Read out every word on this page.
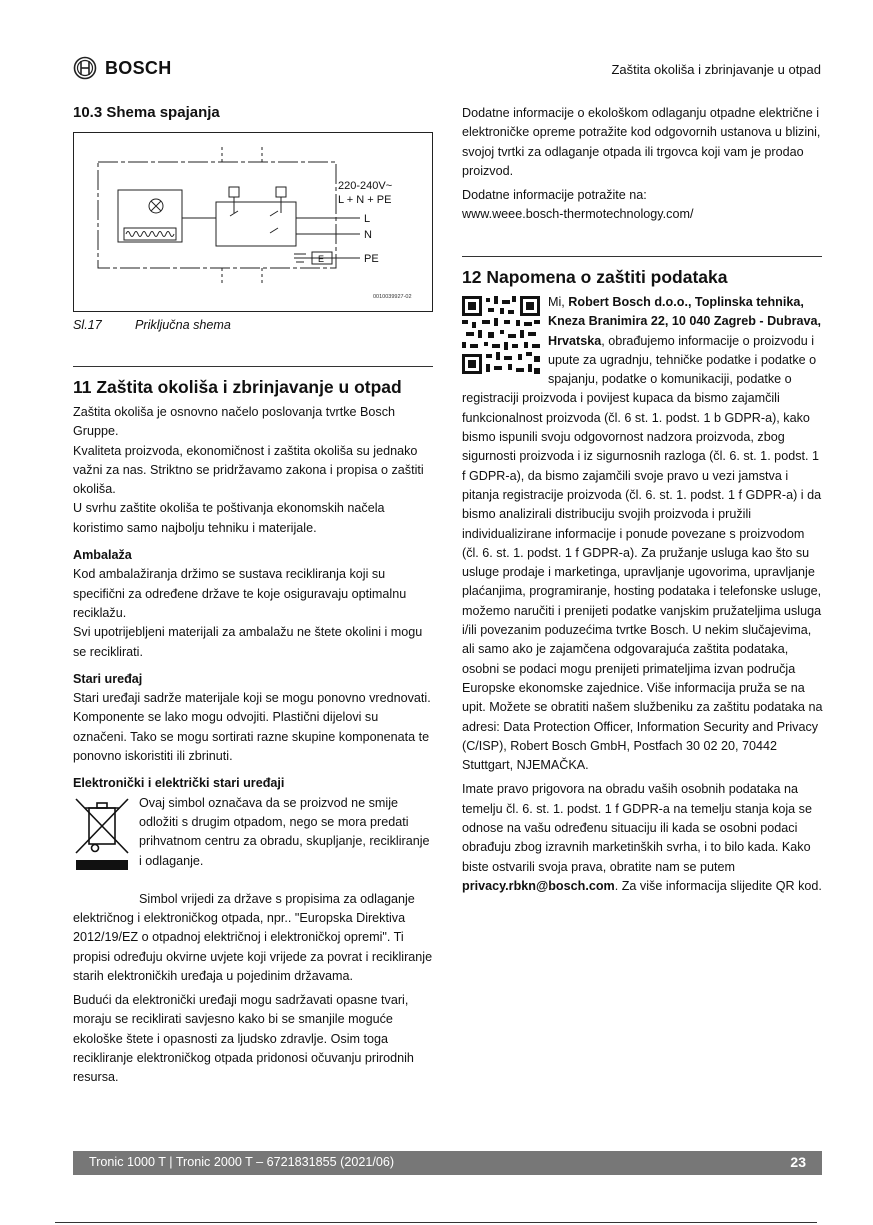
BOSCH	Zaštita okoliša i zbrinjavanje u otpad
10.3 Shema spajanja
220-240V~
L + N + PE
L
N
PE
E
0010039927-02
Sl.17	Priključna shema
11 Zaštita okoliša i zbrinjavanje u otpad

Zaštita okoliša je osnovno načelo poslovanja tvrtke Bosch Gruppe.

Kvaliteta proizvoda, ekonomičnost i zaštita okoliša su jednako važni za nas. Striktno se pridržavamo zakona i propisa o zaštiti okoliša.

U svrhu zaštite okoliša te poštivanja ekonomskih načela koristimo samo najbolju tehniku i materijale.

Ambalaža

Kod ambalažiranja držimo se sustava recikliranja koji su specifični za određene države te koje osiguravaju optimalnu reciklažu.

Svi upotrijebljeni materijali za ambalažu ne štete okolini i mogu se reciklirati.

Stari uređaj

Stari uređaji sadrže materijale koji se mogu ponovno vrednovati.

Komponente se lako mogu odvojiti. Plastični dijelovi su označeni. Tako se mogu sortirati razne skupine komponenata te ponovno iskoristiti ili zbrinuti.

Elektronički i električki stari uređaji

Ovaj simbol označava da se proizvod ne smije odložiti s drugim otpadom, nego se mora predati prihvatnom centru za obradu, skupljanje, recikliranje i odlaganje.

Simbol vrijedi za države s propisima za odlaganje električnog i elektroničkog otpada, npr.. "Europska Direktiva 2012/19/EZ o otpadnoj električnoj i elektroničkoj opremi". Ti propisi određuju okvirne uvjete koji vrijede za povrat i recikliranje starih elektroničkih uređaja u pojedinim državama.

Budući da elektronički uređaji mogu sadržavati opasne tvari, moraju se reciklirati savjesno kako bi se smanjile moguće ekološke štete i opasnosti za ljudsko zdravlje. Osim toga recikliranje elektroničkog otpada pridonosi očuvanju prirodnih resursa.

Dodatne informacije o ekološkom odlaganju otpadne električne i elektroničke opreme potražite kod odgovornih ustanova u blizini, svojoj tvrtki za odlaganje otpada ili trgovca koji vam je prodao proizvod.

Dodatne informacije potražite na:

www.weee.bosch-thermotechnology.com/

12 Napomena o zaštiti podataka

Mi, Robert Bosch d.o.o., Toplinska tehnika, Kneza Branimira 22, 10 040 Zagreb - Dubrava, Hrvatska, obrađujemo informacije o proizvodu i upute za ugradnju, tehničke podatke i podatke o spajanju, podatke o komunikaciji, podatke o registraciji proizvoda i povijest kupaca da bismo zajamčili funkcionalnost proizvoda (čl. 6 st. 1. podst. 1 b GDPR-a), kako bismo ispunili svoju odgovornost nadzora proizvoda, zbog sigurnosti proizvoda i iz sigurnosnih razloga (čl. 6. st. 1. podst. 1 f GDPR-a), da bismo zajamčili svoje pravo u vezi jamstva i pitanja registracije proizvoda (čl. 6. st. 1. podst. 1 f GDPR-a) i da bismo analizirali distribuciju svojih proizvoda i pružili individualizirane informacije i ponude povezane s proizvodom (čl. 6. st. 1. podst. 1 f GDPR-a). Za pružanje usluga kao što su usluge prodaje i marketinga, upravljanje ugovorima, upravljanje plaćanjima, programiranje, hosting podataka i telefonske usluge, možemo naručiti i prenijeti podatke vanjskim pružateljima usluga i/ili povezanim poduzećima tvrtke Bosch. U nekim slučajevima, ali samo ako je zajamčena odgovarajuća zaštita podataka, osobni se podaci mogu prenijeti primateljima izvan područja Europske ekonomske zajednice. Više informacija pruža se na upit. Možete se obratiti našem službeniku za zaštitu podataka na adresi: Data Protection Officer, Information Security and Privacy (C/ISP), Robert Bosch GmbH, Postfach 30 02 20, 70442 Stuttgart, NJEMAČKA.

Imate pravo prigovora na obradu vaših osobnih podataka na temelju čl. 6. st. 1. podst. 1 f GDPR-a na temelju stanja koja se odnose na vašu određenu situaciju ili kada se osobni podaci obrađuju zbog izravnih marketinških svrha, i to bilo kada. Kako biste ostvarili svoja prava, obratite nam se putem privacy.rbkn@bosch.com. Za više informacija slijedite QR kod.

Tronic 1000 T | Tronic 2000 T – 6721831855 (2021/06)	23
